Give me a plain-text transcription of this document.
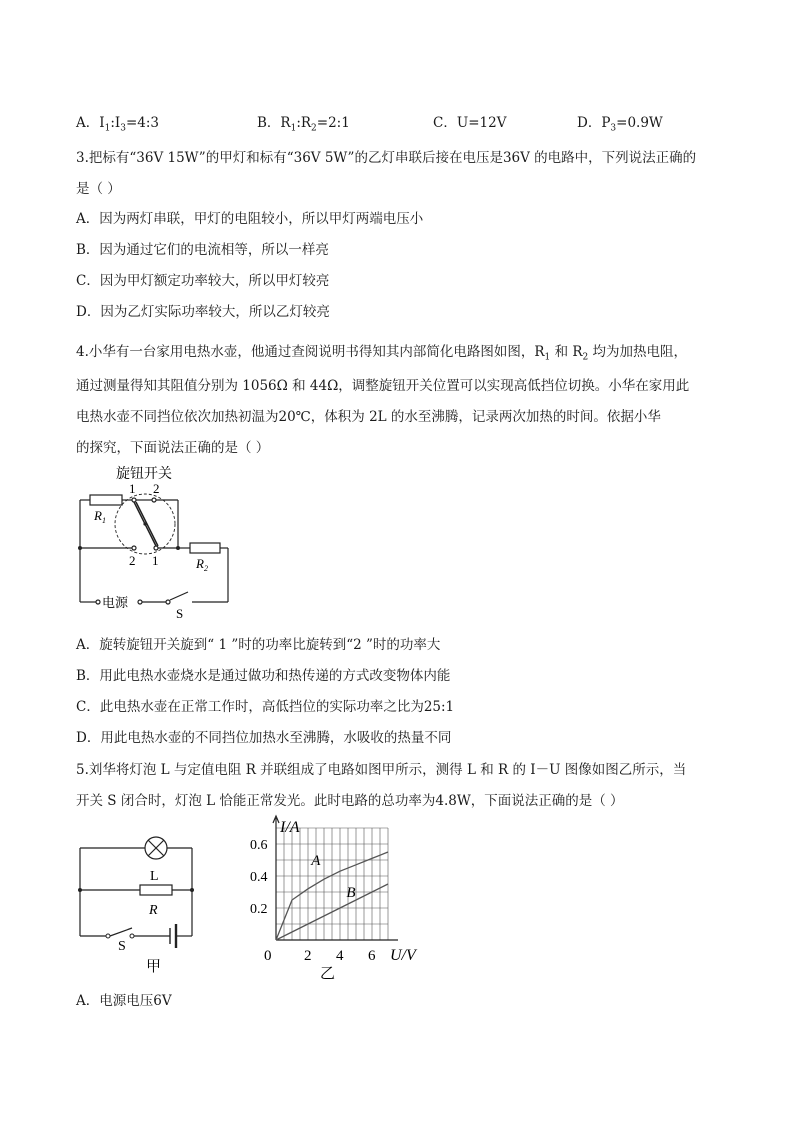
A．$I_1:I_3=4:3$	B．$R_1:R_2=2:1$	C．U=12V	D．$P_3=0.9W$
3.把标有“36V 15W”的甲灯和标有“36V 5W”的乙灯串联后接在电压是36V 的电路中，下列说法正确的
是（ ）
A．因为两灯串联，甲灯的电阻较小，所以甲灯两端电压小
B．因为通过它们的电流相等，所以一样亮
C．因为甲灯额定功率较大，所以甲灯较亮
D．因为乙灯实际功率较大，所以乙灯较亮
4.小华有一台家用电热水壶，他通过查阅说明书得知其内部简化电路图如图，$R_1$ 和 $R_2$ 均为加热电阻，
通过测量得知其阻值分别为 1056Ω 和 44Ω，调整旋钮开关位置可以实现高低挡位切换。小华在家用此
电热水壶不同挡位依次加热初温为20℃，体积为 2L 的水至沸腾，记录两次加热的时间。依据小华
的探究，下面说法正确的是（ ）
旋钮开关
1 2
2 1
$R_1$
$R_2$
电源
S
A．旋转旋钮开关旋到“ 1 ”时的功率比旋转到“2 ”时的功率大
B．用此电热水壶烧水是通过做功和热传递的方式改变物体内能
C．此电热水壶在正常工作时，高低挡位的实际功率之比为25:1
D．用此电热水壶的不同挡位加热水至沸腾，水吸收的热量不同
5.刘华将灯泡 L 与定值电阻 R 并联组成了电路如图甲所示，测得 L 和 R 的 I－U 图像如图乙所示，当
开关 S 闭合时，灯泡 L 恰能正常发光。此时电路的总功率为4.8W，下面说法正确的是（ ）
L
R
S
甲
0 2 4 6
0.2
0.4
0.6
I/A
U/V
A
B
乙
A．电源电压6V
